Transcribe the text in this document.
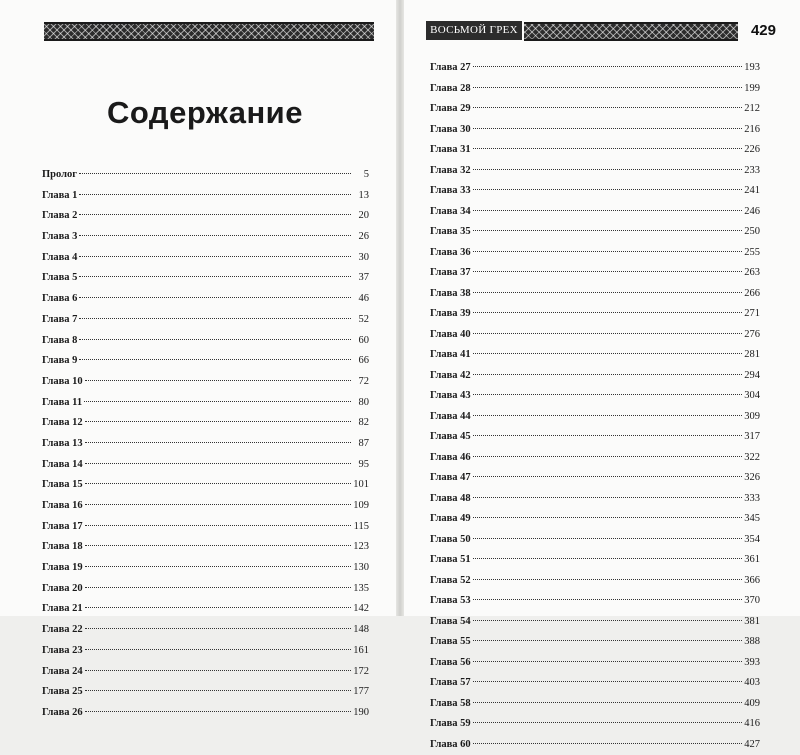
Содержание
Пролог	5
Глава 1	13
Глава 2	20
Глава 3	26
Глава 4	30
Глава 5	37
Глава 6	46
Глава 7	52
Глава 8	60
Глава 9	66
Глава 10	72
Глава 11	80
Глава 12	82
Глава 13	87
Глава 14	95
Глава 15	101
Глава 16	109
Глава 17	115
Глава 18	123
Глава 19	130
Глава 20	135
Глава 21	142
Глава 22	148
Глава 23	161
Глава 24	172
Глава 25	177
Глава 26	190
ВОСЬМОЙ ГРЕХ	429
Глава 27	193
Глава 28	199
Глава 29	212
Глава 30	216
Глава 31	226
Глава 32	233
Глава 33	241
Глава 34	246
Глава 35	250
Глава 36	255
Глава 37	263
Глава 38	266
Глава 39	271
Глава 40	276
Глава 41	281
Глава 42	294
Глава 43	304
Глава 44	309
Глава 45	317
Глава 46	322
Глава 47	326
Глава 48	333
Глава 49	345
Глава 50	354
Глава 51	361
Глава 52	366
Глава 53	370
Глава 54	381
Глава 55	388
Глава 56	393
Глава 57	403
Глава 58	409
Глава 59	416
Глава 60	427
